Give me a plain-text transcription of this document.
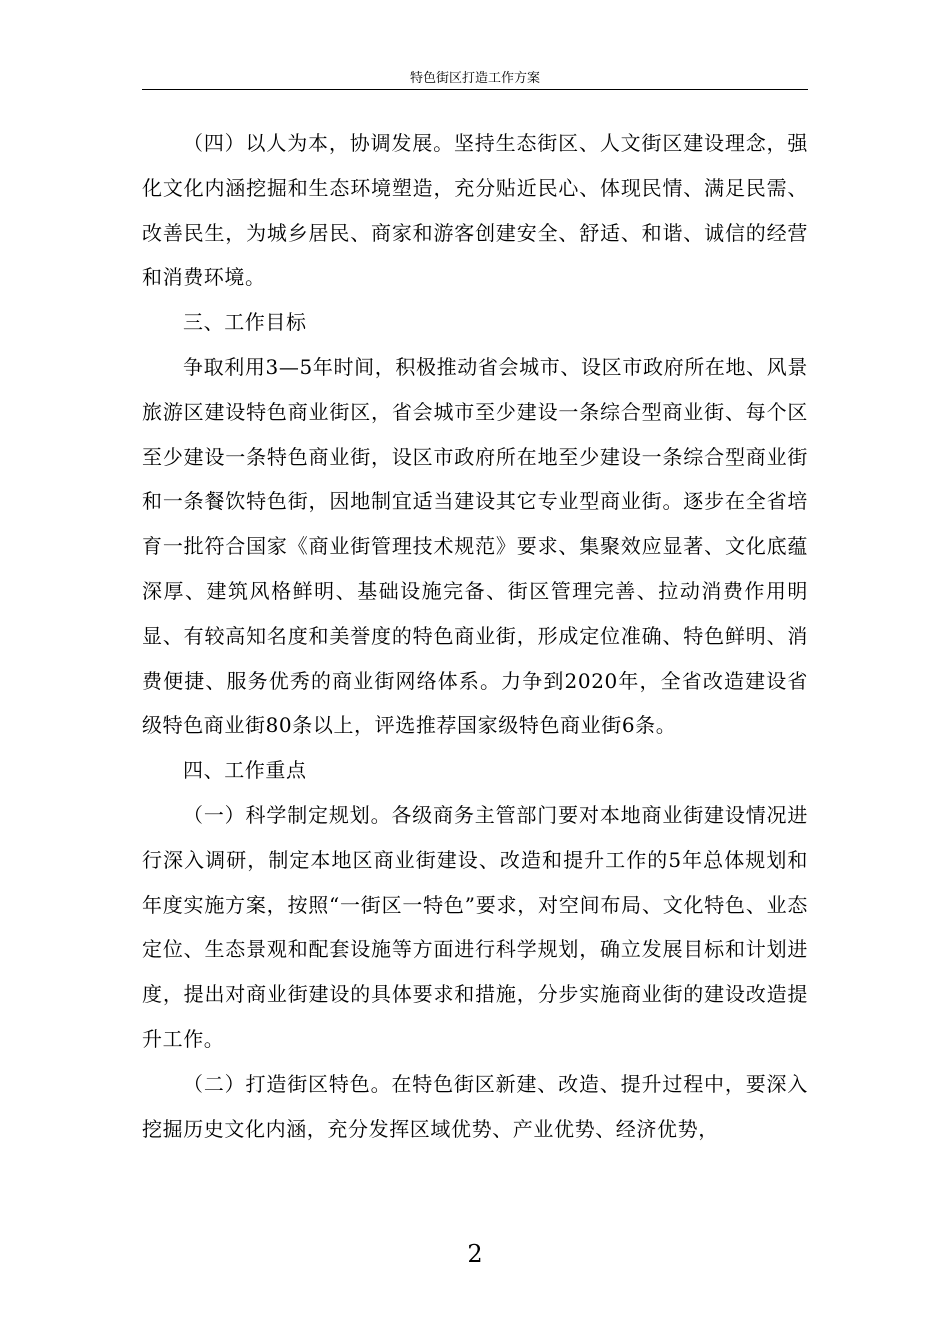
特色街区打造工作方案

（四）以人为本，协调发展。坚持生态街区、人文街区建设理念，强化文化内涵挖掘和生态环境塑造，充分贴近民心、体现民情、满足民需、改善民生，为城乡居民、商家和游客创建安全、舒适、和谐、诚信的经营和消费环境。

三、工作目标

争取利用3—5年时间，积极推动省会城市、设区市政府所在地、风景旅游区建设特色商业街区，省会城市至少建设一条综合型商业街、每个区至少建设一条特色商业街，设区市政府所在地至少建设一条综合型商业街和一条餐饮特色街，因地制宜适当建设其它专业型商业街。逐步在全省培育一批符合国家《商业街管理技术规范》要求、集聚效应显著、文化底蕴深厚、建筑风格鲜明、基础设施完备、街区管理完善、拉动消费作用明显、有较高知名度和美誉度的特色商业街，形成定位准确、特色鲜明、消费便捷、服务优秀的商业街网络体系。力争到2020年，全省改造建设省级特色商业街80条以上，评选推荐国家级特色商业街6条。

四、工作重点

（一）科学制定规划。各级商务主管部门要对本地商业街建设情况进行深入调研，制定本地区商业街建设、改造和提升工作的5年总体规划和年度实施方案，按照“一街区一特色”要求，对空间布局、文化特色、业态定位、生态景观和配套设施等方面进行科学规划，确立发展目标和计划进度，提出对商业街建设的具体要求和措施，分步实施商业街的建设改造提升工作。

（二）打造街区特色。在特色街区新建、改造、提升过程中，要深入挖掘历史文化内涵，充分发挥区域优势、产业优势、经济优势，

2
